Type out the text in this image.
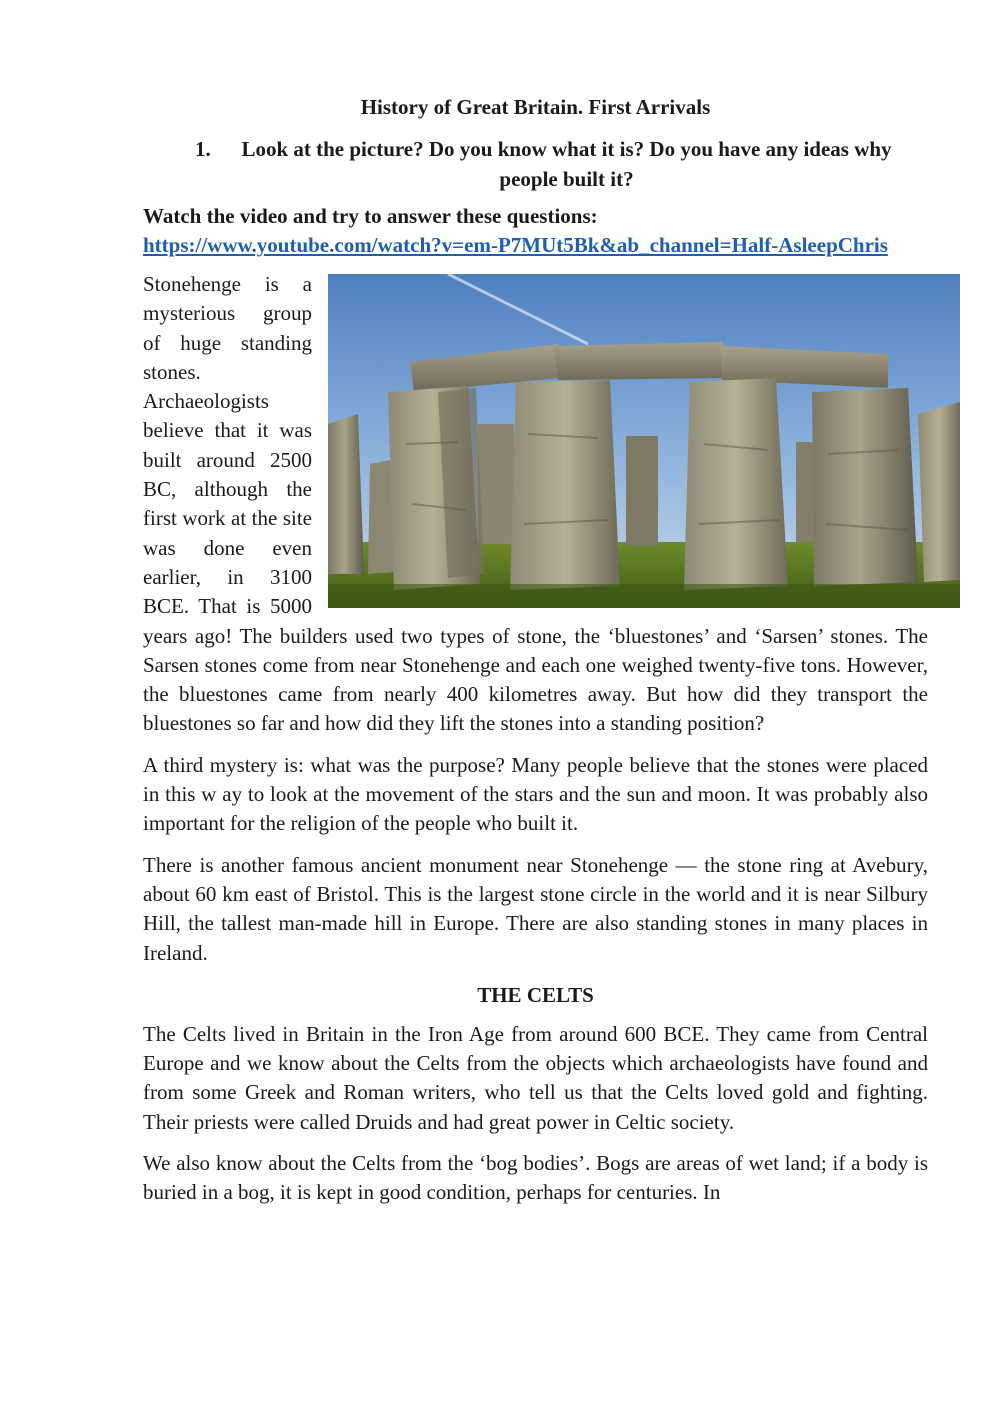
History of Great Britain. First Arrivals

1.	Look at the picture? Do you know what it is? Do you have any ideas why people built it?

Watch the video and try to answer these questions:

https://www.youtube.com/watch?v=em-P7MUt5Bk&ab_channel=Half-AsleepChris

Stonehenge is a mysterious group of huge standing stones. Archaeologists believe that it was built around 2500 BC, although the first work at the site was done even earlier, in 3100 BCE. That is 5000 years ago! The builders used two types of stone, the ‘bluestones’ and ‘Sarsen’ stones. The Sarsen stones come from near Stonehenge and each one weighed twenty-five tons. However, the bluestones came from nearly 400 kilometres away. But how did they transport the bluestones so far and how did they lift the stones into a standing position?

A third mystery is: what was the purpose? Many people believe that the stones were placed in this w ay to look at the movement of the stars and the sun and moon. It was probably also important for the religion of the people who built it.

There is another famous ancient monument near Stonehenge — the stone ring at Avebury, about 60 km east of Bristol. This is the largest stone circle in the world and it is near Silbury Hill, the tallest man-made hill in Europe. There are also standing stones in many places in Ireland.

THE CELTS

The Celts lived in Britain in the Iron Age from around 600 BCE. They came from Central Europe and we know about the Celts from the objects which archaeologists have found and from some Greek and Roman writers, who tell us that the Celts loved gold and fighting. Their priests were called Druids and had great power in Celtic society.

We also know about the Celts from the ‘bog bodies’. Bogs are areas of wet land; if a body is buried in a bog, it is kept in good condition, perhaps for centuries. In
